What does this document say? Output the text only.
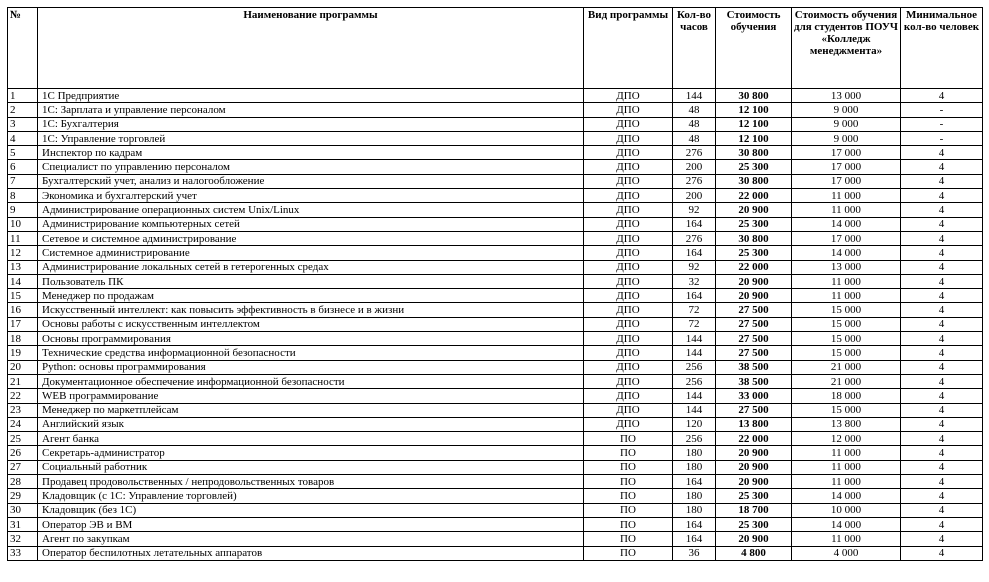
№	Наименование программы	Вид программы	Кол-во часов	Стоимость обучения	Стоимость обучения для студентов ПОУЧ «Колледж менеджмента»	Минимальное кол-во человек
1	1С Предприятие	ДПО	144	30 800	13 000	4
2	1С: Зарплата и управление персоналом	ДПО	48	12 100	9 000	-
3	1С: Бухгалтерия	ДПО	48	12 100	9 000	-
4	1С: Управление торговлей	ДПО	48	12 100	9 000	-
5	Инспектор по кадрам	ДПО	276	30 800	17 000	4
6	Специалист по управлению персоналом	ДПО	200	25 300	17 000	4
7	Бухгалтерский учет, анализ и налогообложение	ДПО	276	30 800	17 000	4
8	Экономика и бухгалтерский учет	ДПО	200	22 000	11 000	4
9	Администрирование операционных систем Unix/Linux	ДПО	92	20 900	11 000	4
10	Администрирование компьютерных сетей	ДПО	164	25 300	14 000	4
11	Сетевое и системное администрирование	ДПО	276	30 800	17 000	4
12	Системное администрирование	ДПО	164	25 300	14 000	4
13	Администрирование локальных сетей в гетерогенных средах	ДПО	92	22 000	13 000	4
14	Пользователь ПК	ДПО	32	20 900	11 000	4
15	Менеджер по продажам	ДПО	164	20 900	11 000	4
16	Искусственный интеллект: как повысить эффективность в бизнесе и в жизни	ДПО	72	27 500	15 000	4
17	Основы работы с искусственным интеллектом	ДПО	72	27 500	15 000	4
18	Основы программирования	ДПО	144	27 500	15 000	4
19	Технические средства информационной безопасности	ДПО	144	27 500	15 000	4
20	Python: основы программирования	ДПО	256	38 500	21 000	4
21	Документационное обеспечение информационной безопасности	ДПО	256	38 500	21 000	4
22	WEB программирование	ДПО	144	33 000	18 000	4
23	Менеджер по маркетплейсам	ДПО	144	27 500	15 000	4
24	Английский язык	ДПО	120	13 800	13 800	4
25	Агент банка	ПО	256	22 000	12 000	4
26	Секретарь-администратор	ПО	180	20 900	11 000	4
27	Социальный работник	ПО	180	20 900	11 000	4
28	Продавец продовольственных / непродовольственных товаров	ПО	164	20 900	11 000	4
29	Кладовщик (с 1С: Управление торговлей)	ПО	180	25 300	14 000	4
30	Кладовщик (без 1С)	ПО	180	18 700	10 000	4
31	Оператор ЭВ и ВМ	ПО	164	25 300	14 000	4
32	Агент по закупкам	ПО	164	20 900	11 000	4
33	Оператор беспилотных летательных аппаратов	ПО	36	4 800	4 000	4
